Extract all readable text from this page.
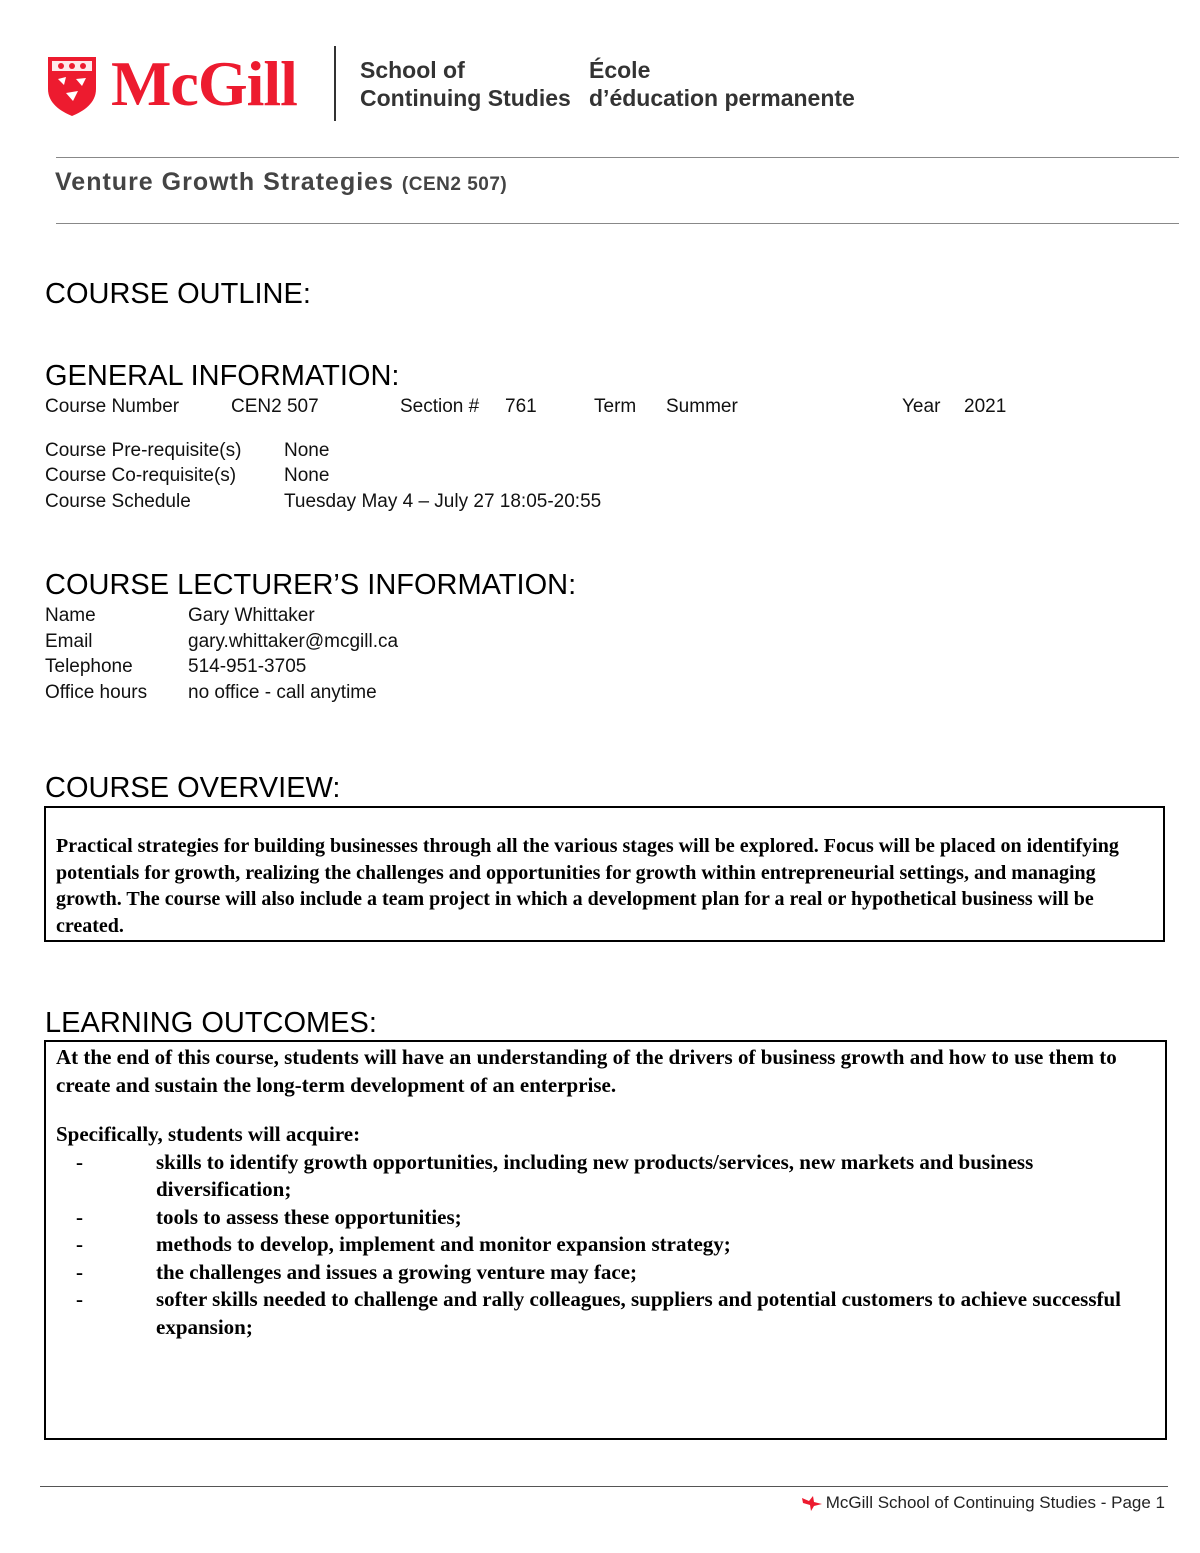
McGill	School of
Continuing Studies
École
d’éducation permanente
Venture Growth Strategies (CEN2 507)
COURSE OUTLINE:
GENERAL INFORMATION:
Course Number	CEN2 507	Section # 761	Term Summer	Year 2021
Course Pre-requisite(s) None
Course Co-requisite(s)	None
Course Schedule	Tuesday May 4 – July 27 18:05-20:55
COURSE LECTURER’S INFORMATION:
Name	Gary Whittaker
Email	gary.whittaker@mcgill.ca
Telephone	514-951-3705
Office hours no office - call anytime
COURSE OVERVIEW:
Practical strategies for building businesses through all the various stages will be explored. Focus will be placed on identifying potentials for growth, realizing the challenges and opportunities for growth within entrepreneurial settings, and managing growth. The course will also include a team project in which a development plan for a real or hypothetical business will be created.
LEARNING OUTCOMES:

At the end of this course, students will have an understanding of the drivers of business growth and how to use them to create and sustain the long-term development of an enterprise.

Specifically, students will acquire:

-	skills to identify growth opportunities, including new products/services, new markets and business diversification;
-	tools to assess these opportunities;
-	methods to develop, implement and monitor expansion strategy;
-	the challenges and issues a growing venture may face;
-	softer skills needed to challenge and rally colleagues, suppliers and potential customers to achieve successful expansion;
McGill School of Continuing Studies - Page 1
